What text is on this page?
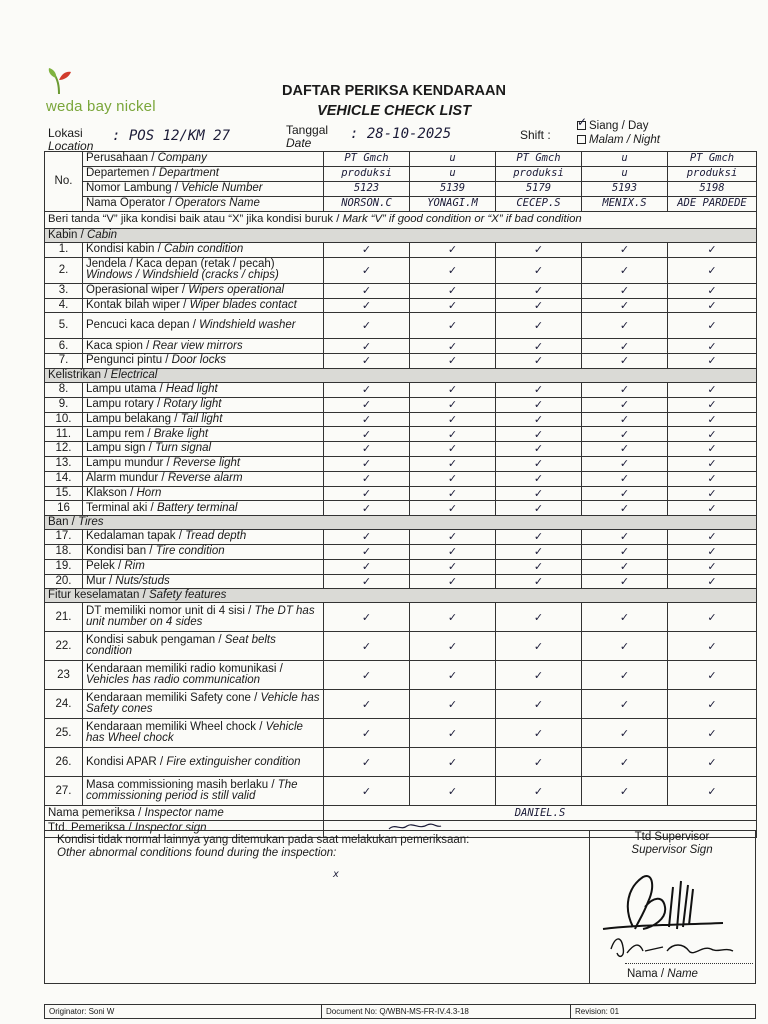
weda bay nickel
DAFTAR PERIKSA KENDARAAN
VEHICLE CHECK LIST
Lokasi
Location
: POS 12/KM 27	Tanggal
Date
: 28-10-2025	Shift :
✓Siang / Day
Malam / Night
No.	Perusahaan / Company	PT Gmch	u	PT Gmch	u	PT Gmch
	Departemen / Department	produksi	u	produksi	u	produksi
	Nomor Lambung / Vehicle Number	5123	5139	5179	5193	5198
	Nama Operator / Operators Name	NORSON.C	YONAGI.M	CECEP.S	MENIX.S	ADE PARDEDE
Beri tanda “V” jika kondisi baik atau “X” jika kondisi buruk / Mark “V” if good condition or “X” if bad condition						
Kabin / Cabin						
1.	Kondisi kabin / Cabin condition	✓	✓	✓	✓	✓
2.	Jendela / Kaca depan (retak / pecah)
Windows / Windshield (cracks / chips)	✓	✓	✓	✓	✓
3.	Operasional wiper / Wipers operational	✓	✓	✓	✓	✓
4.	Kontak bilah wiper / Wiper blades contact	✓	✓	✓	✓	✓
5.	Pencuci kaca depan / Windshield washer	✓	✓	✓	✓	✓
6.	Kaca spion / Rear view mirrors	✓	✓	✓	✓	✓
7.	Pengunci pintu / Door locks	✓	✓	✓	✓	✓
Kelistrikan / Electrical						
8.	Lampu utama / Head light	✓	✓	✓	✓	✓
9.	Lampu rotary / Rotary light	✓	✓	✓	✓	✓
10.	Lampu belakang / Tail light	✓	✓	✓	✓	✓
11.	Lampu rem / Brake light	✓	✓	✓	✓	✓
12.	Lampu sign / Turn signal	✓	✓	✓	✓	✓
13.	Lampu mundur / Reverse light	✓	✓	✓	✓	✓
14.	Alarm mundur / Reverse alarm	✓	✓	✓	✓	✓
15.	Klakson / Horn	✓	✓	✓	✓	✓
16	Terminal aki / Battery terminal	✓	✓	✓	✓	✓
Ban / Tires						
17.	Kedalaman tapak / Tread depth	✓	✓	✓	✓	✓
18.	Kondisi ban / Tire condition	✓	✓	✓	✓	✓
19.	Pelek / Rim	✓	✓	✓	✓	✓
20.	Mur / Nuts/studs	✓	✓	✓	✓	✓
Fitur keselamatan / Safety features						
21.	DT memiliki nomor unit di 4 sisi / The DT has unit number on 4 sides	✓	✓	✓	✓	✓
22.	Kondisi sabuk pengaman / Seat belts condition	✓	✓	✓	✓	✓
23	Kendaraan memiliki radio komunikasi / Vehicles has radio communication	✓	✓	✓	✓	✓
24.	Kendaraan memiliki Safety cone / Vehicle has Safety cones	✓	✓	✓	✓	✓
25.	Kendaraan memiliki Wheel chock / Vehicle has Wheel chock	✓	✓	✓	✓	✓
26.	Kondisi APAR / Fire extinguisher condition	✓	✓	✓	✓	✓
27.	Masa commissioning masih berlaku / The commissioning period is still valid	✓	✓	✓	✓	✓
Nama pemeriksa / Inspector name		DANIEL.S				
Ttd. Pemeriksa / Inspector sign	
Kondisi tidak normal lainnya yang ditemukan pada saat melakukan pemeriksaan:
Other abnormal conditions found during the inspection:
x
Ttd Supervisor
Supervisor Sign
Nama / Name
Originator: Soni W	Document No: Q/WBN-MS-FR-IV.4.3-18	Revision: 01
